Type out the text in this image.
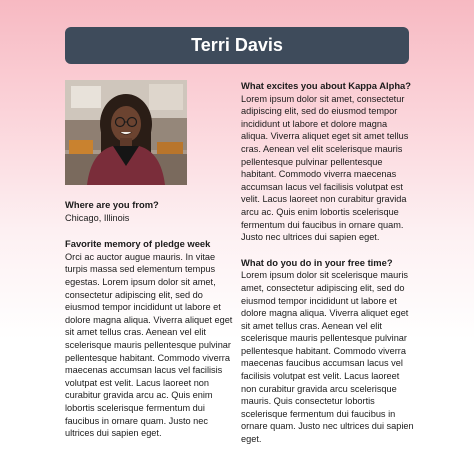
Terri Davis

Where are you from?

Chicago, Illinois

Favorite memory of pledge week

Orci ac auctor augue mauris. In vitae turpis massa sed elementum tempus egestas. Lorem ipsum dolor sit amet, consectetur adipiscing elit, sed do eiusmod tempor incididunt ut labore et dolore magna aliqua. Viverra aliquet eget sit amet tellus cras. Aenean vel elit scelerisque mauris pellentesque pulvinar pellentesque habitant. Commodo viverra maecenas accumsan lacus vel facilisis volutpat est velit. Lacus laoreet non curabitur gravida arcu ac. Quis enim lobortis scelerisque fermentum dui faucibus in ornare quam. Justo nec ultrices dui sapien eget.

What excites you about Kappa Alpha?

Lorem ipsum dolor sit amet, consectetur adipiscing elit, sed do eiusmod tempor incididunt ut labore et dolore magna aliqua. Viverra aliquet eget sit amet tellus cras. Aenean vel elit scelerisque mauris pellentesque pulvinar pellentesque habitant. Commodo viverra maecenas accumsan lacus vel facilisis volutpat est velit. Lacus laoreet non curabitur gravida arcu ac. Quis enim lobortis scelerisque fermentum dui faucibus in ornare quam. Justo nec ultrices dui sapien eget.

What do you do in your free time?

Lorem ipsum dolor sit scelerisque mauris amet, consectetur adipiscing elit, sed do eiusmod tempor incididunt ut labore et dolore magna aliqua. Viverra aliquet eget sit amet tellus cras. Aenean vel elit scelerisque mauris pellentesque pulvinar pellentesque habitant. Commodo viverra maecenas faucibus accumsan lacus vel facilisis volutpat est velit. Lacus laoreet non curabitur gravida arcu scelerisque mauris. Quis consectetur lobortis scelerisque fermentum dui faucibus in ornare quam. Justo nec ultrices dui sapien eget.
